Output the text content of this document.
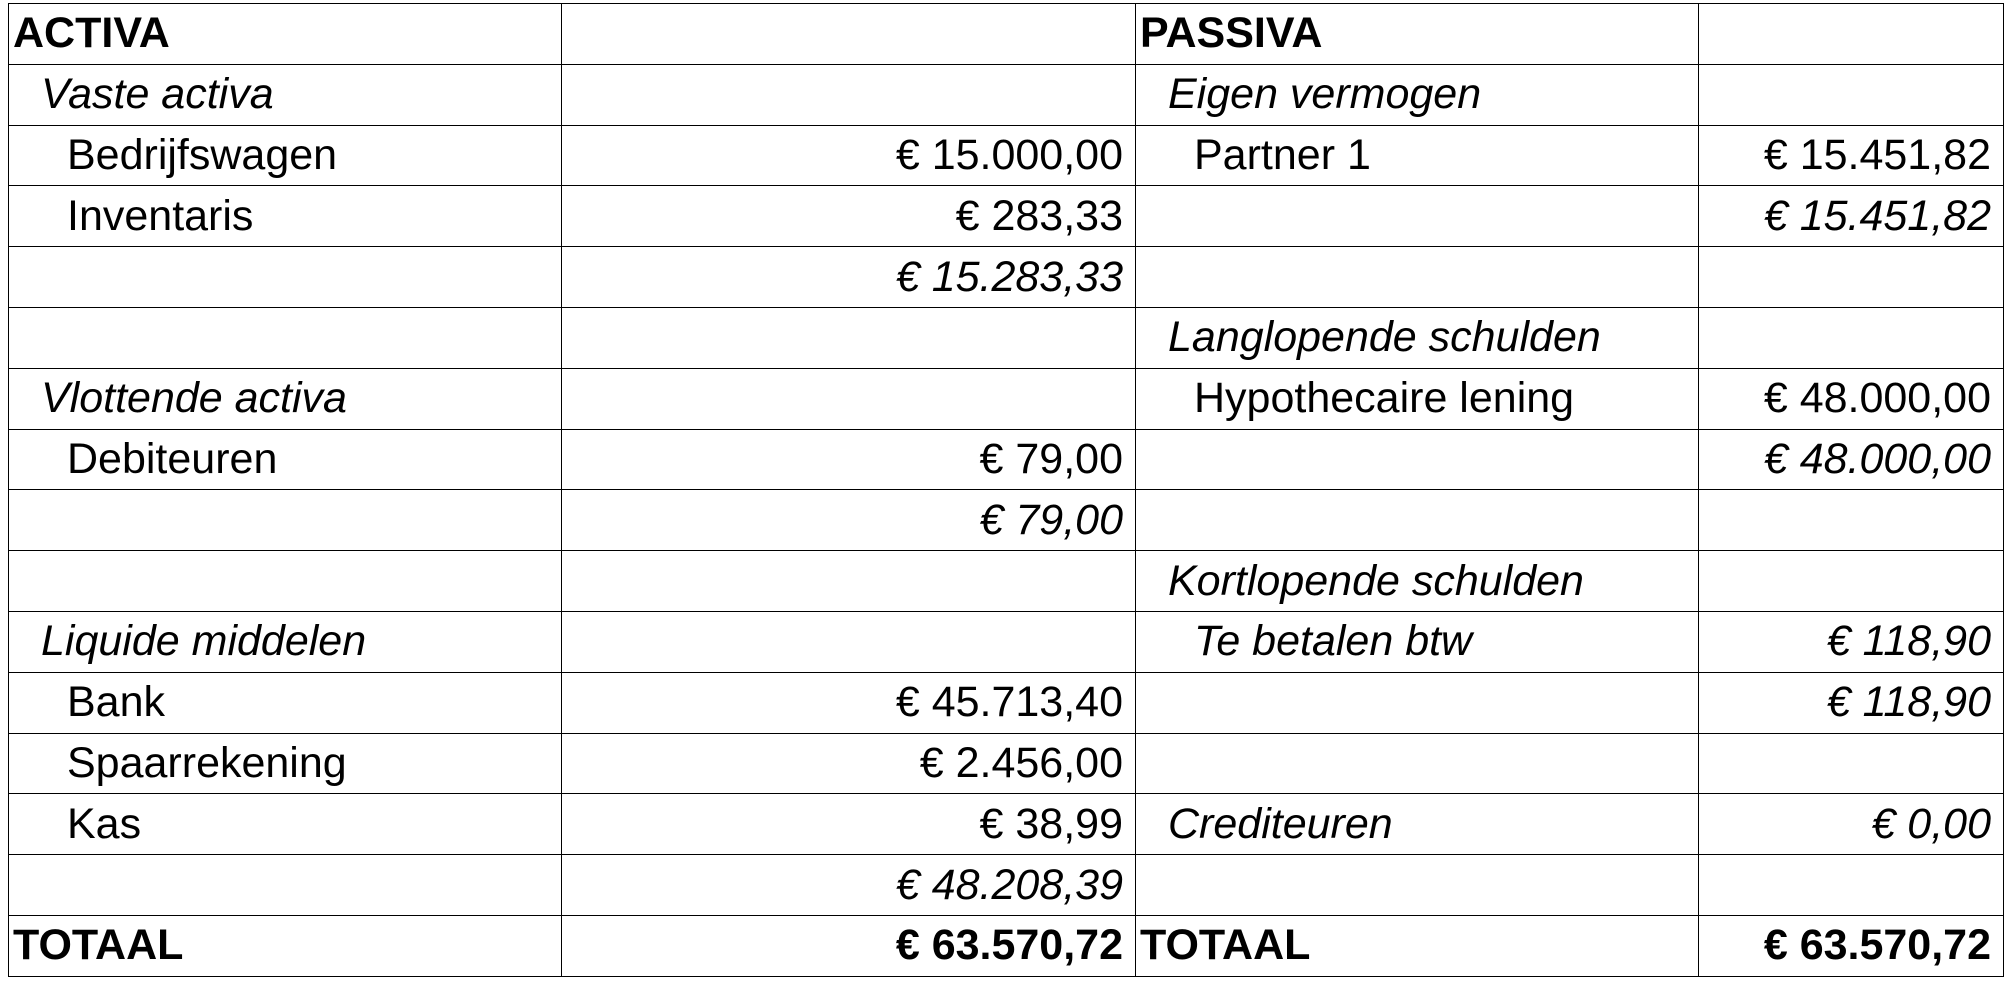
ACTIVA		PASSIVA	
Vaste activa		Eigen vermogen	
Bedrijfswagen	€ 15.000,00	Partner 1	€ 15.451,82
Inventaris	€ 283,33		€ 15.451,82
	€ 15.283,33		
		Langlopende schulden	
Vlottende activa		Hypothecaire lening	€ 48.000,00
Debiteuren	€ 79,00		€ 48.000,00
	€ 79,00		
		Kortlopende schulden	
Liquide middelen		Te betalen btw	€ 118,90
Bank	€ 45.713,40		€ 118,90
Spaarrekening	€ 2.456,00		
Kas	€ 38,99	Crediteuren	€ 0,00
	€ 48.208,39		
TOTAAL	€ 63.570,72	TOTAAL	€ 63.570,72
